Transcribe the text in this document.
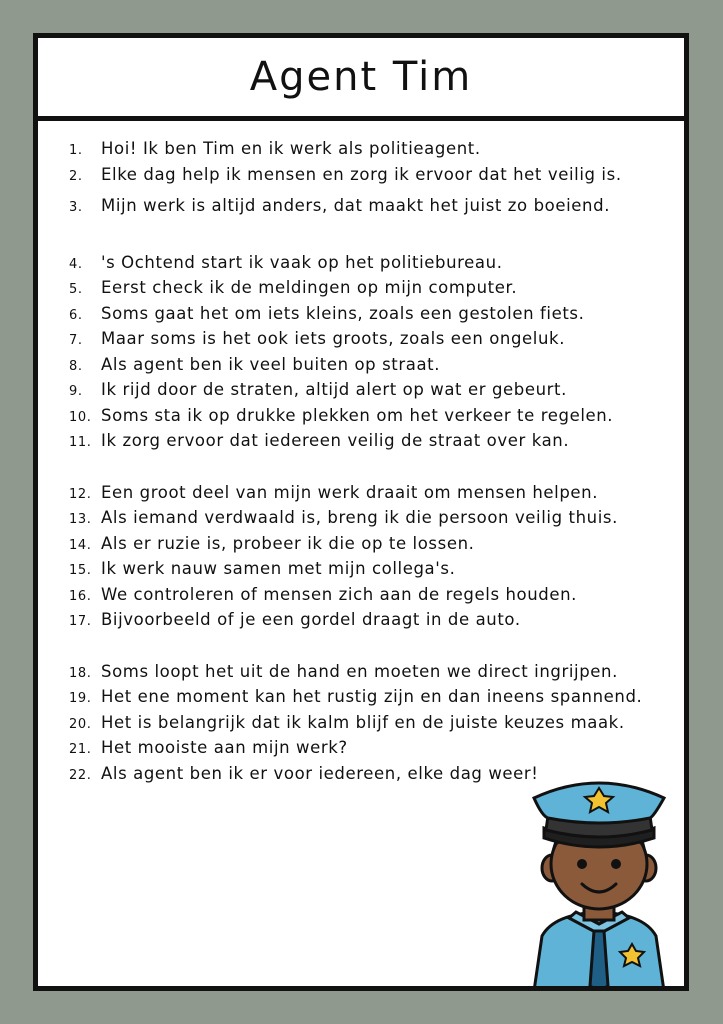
Agent Tim
1. Hoi! Ik ben Tim en ik werk als politieagent.
2. Elke dag help ik mensen en zorg ik ervoor dat het veilig is.
3. Mijn werk is altijd anders, dat maakt het juist zo boeiend.
4. 's Ochtend start ik vaak op het politiebureau.
5. Eerst check ik de meldingen op mijn computer.
6. Soms gaat het om iets kleins, zoals een gestolen fiets.
7. Maar soms is het ook iets groots, zoals een ongeluk.
8. Als agent ben ik veel buiten op straat.
9. Ik rijd door de straten, altijd alert op wat er gebeurt.
10. Soms sta ik op drukke plekken om het verkeer te regelen.
11. Ik zorg ervoor dat iedereen veilig de straat over kan.
12. Een groot deel van mijn werk draait om mensen helpen.
13. Als iemand verdwaald is, breng ik die persoon veilig thuis.
14. Als er ruzie is, probeer ik die op te lossen.
15. Ik werk nauw samen met mijn collega's.
16. We controleren of mensen zich aan de regels houden.
17. Bijvoorbeeld of je een gordel draagt in de auto.
18. Soms loopt het uit de hand en moeten we direct ingrijpen.
19. Het ene moment kan het rustig zijn en dan ineens spannend.
20. Het is belangrijk dat ik kalm blijf en de juiste keuzes maak.
21. Het mooiste aan mijn werk?
22. Als agent ben ik er voor iedereen, elke dag weer!
